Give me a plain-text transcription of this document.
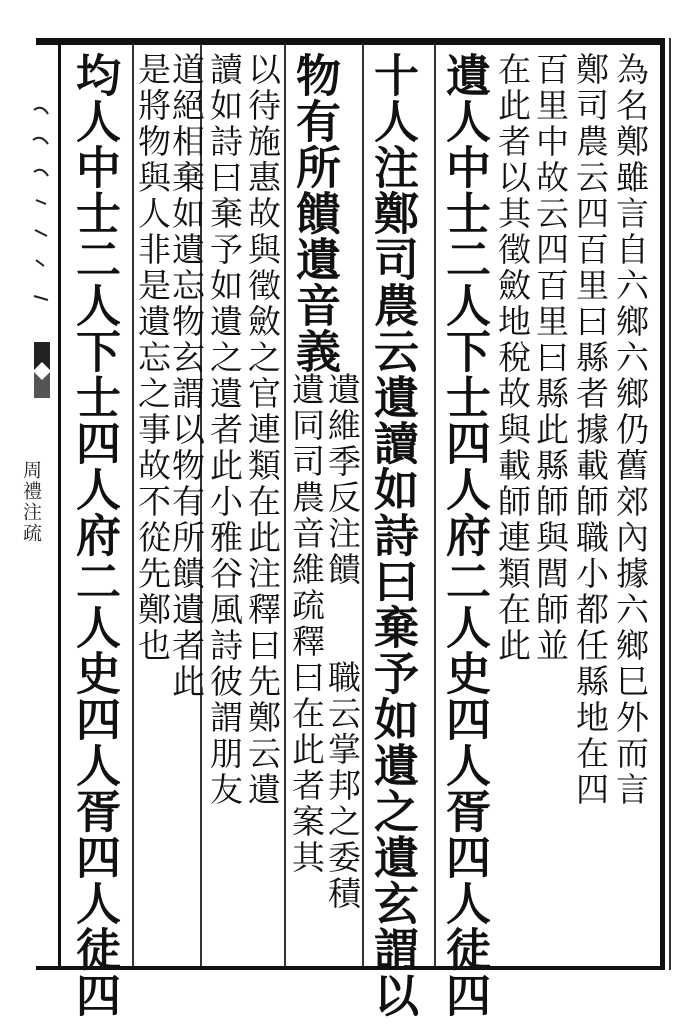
周禮注疏	為名鄭雖言自六鄉六鄉仍舊郊內據六鄉巳外而言
鄭司農云四百里曰縣者據載師職小都任縣地在四
百里中故云四百里曰縣此縣師與閭師並
在此者以其徵斂地稅故與載師連類在此
遺人中士二人下士四人府二人史四人胥四人徒四
十人注鄭司農云遺讀如詩曰棄予如遺之遺玄謂以
物有所饋遺音義
遺維季反注饋
遺同司農音維疏釋曰在此者案其
職云掌邦之委積
以待施惠故與徵斂之官連類在此注釋曰先鄭云遺
讀如詩曰棄予如遺之遺者此小雅谷風詩彼謂朋友
道絕相棄如遺忘物玄謂以物有所饋遺者此
是將物與人非是遺忘之事故不從先鄭也
均人中士二人下士四人府二人史四人胥四人徒四
